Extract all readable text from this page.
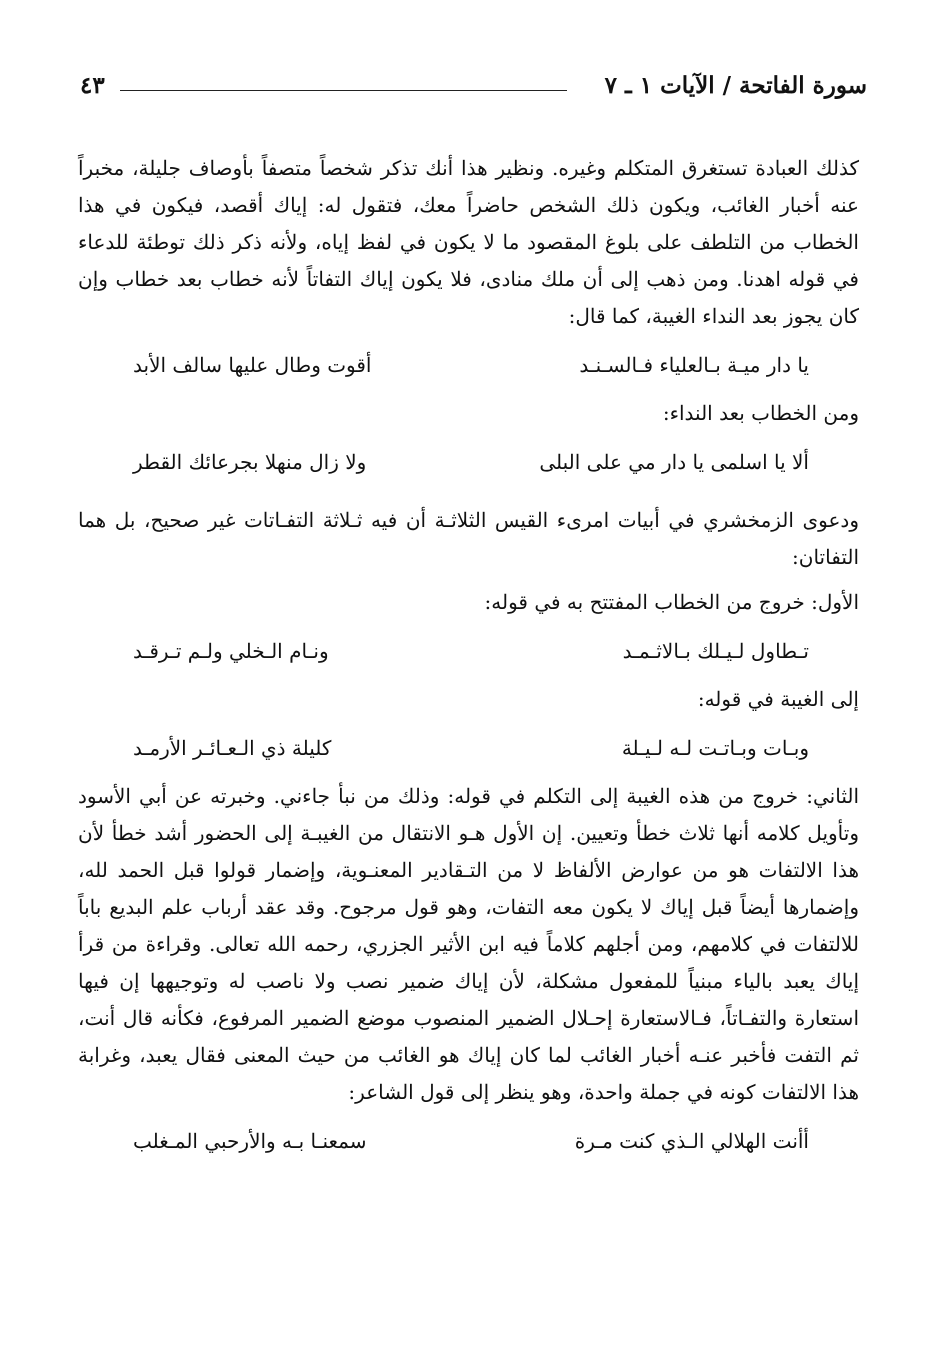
سورة الفاتحة / الآيات ١ ـ ٧
٤٣

كذلك العبادة تستغرق المتكلم وغيره. ونظير هذا أنك تذكر شخصاً متصفاً بأوصاف جليلة، مخبراً عنه أخبار الغائب، ويكون ذلك الشخص حاضراً معك، فتقول له: إياك أقصد، فيكون في هذا الخطاب من التلطف على بلوغ المقصود ما لا يكون في لفظ إياه، ولأنه ذكر ذلك توطئة للدعاء في قوله اهدنا. ومن ذهب إلى أن ملك منادى، فلا يكون إياك التفاتاً لأنه خطاب بعد خطاب وإن كان يجوز بعد النداء الغيبة، كما قال:

يا دار ميـة بـالعلياء فـالسـنـد
أقوت وطال عليها سالف الأبد

ومن الخطاب بعد النداء:

ألا يا اسلمى يا دار مي على البلى
ولا زال منهلا بجرعائك القطر

ودعوى الزمخشري في أبيات امرىء القيس الثلاثـة أن فيه ثـلاثة التفـاتات غير صحيح، بل هما التفاتان:

الأول: خروج من الخطاب المفتتح به في قوله:

تـطاول لـيـلك بـالاثـمـد
ونـام الـخلي ولـم تـرقـد

إلى الغيبة في قوله:

وبـات وبـاتـت لـه لـيـلة
كليلة ذي الـعـائـر الأرمـد

الثاني: خروج من هذه الغيبة إلى التكلم في قوله: وذلك من نبأ جاءني. وخبرته عن أبي الأسود وتأويل كلامه أنها ثلاث خطأ وتعيين. إن الأول هـو الانتقال من الغيبـة إلى الحضور أشد خطأ لأن هذا الالتفات هو من عوارض الألفاظ لا من التـقادير المعنـوية، وإضمار قولوا قبل الحمد لله، وإضمارها أيضاً قبل إياك لا يكون معه التفات، وهو قول مرجوح. وقد عقد أرباب علم البديع باباً للالتفات في كلامهم، ومن أجلهم كلاماً فيه ابن الأثير الجزري، رحمه الله تعالى. وقراءة من قرأ إياك يعبد بالياء مبنياً للمفعول مشكلة، لأن إياك ضمير نصب ولا ناصب له وتوجيهها إن فيها استعارة والتفـاتاً، فـالاستعارة إحـلال الضمير المنصوب موضع الضمير المرفوع، فكأنه قال أنت، ثم التفت فأخبر عنـه أخبار الغائب لما كان إياك هو الغائب من حيث المعنى فقال يعبد، وغرابة هذا الالتفات كونه في جملة واحدة، وهو ينظر إلى قول الشاعر:

أأنت الهلالي الـذي كنت مـرة
سمعنـا بـه والأرحبي المـغلب
